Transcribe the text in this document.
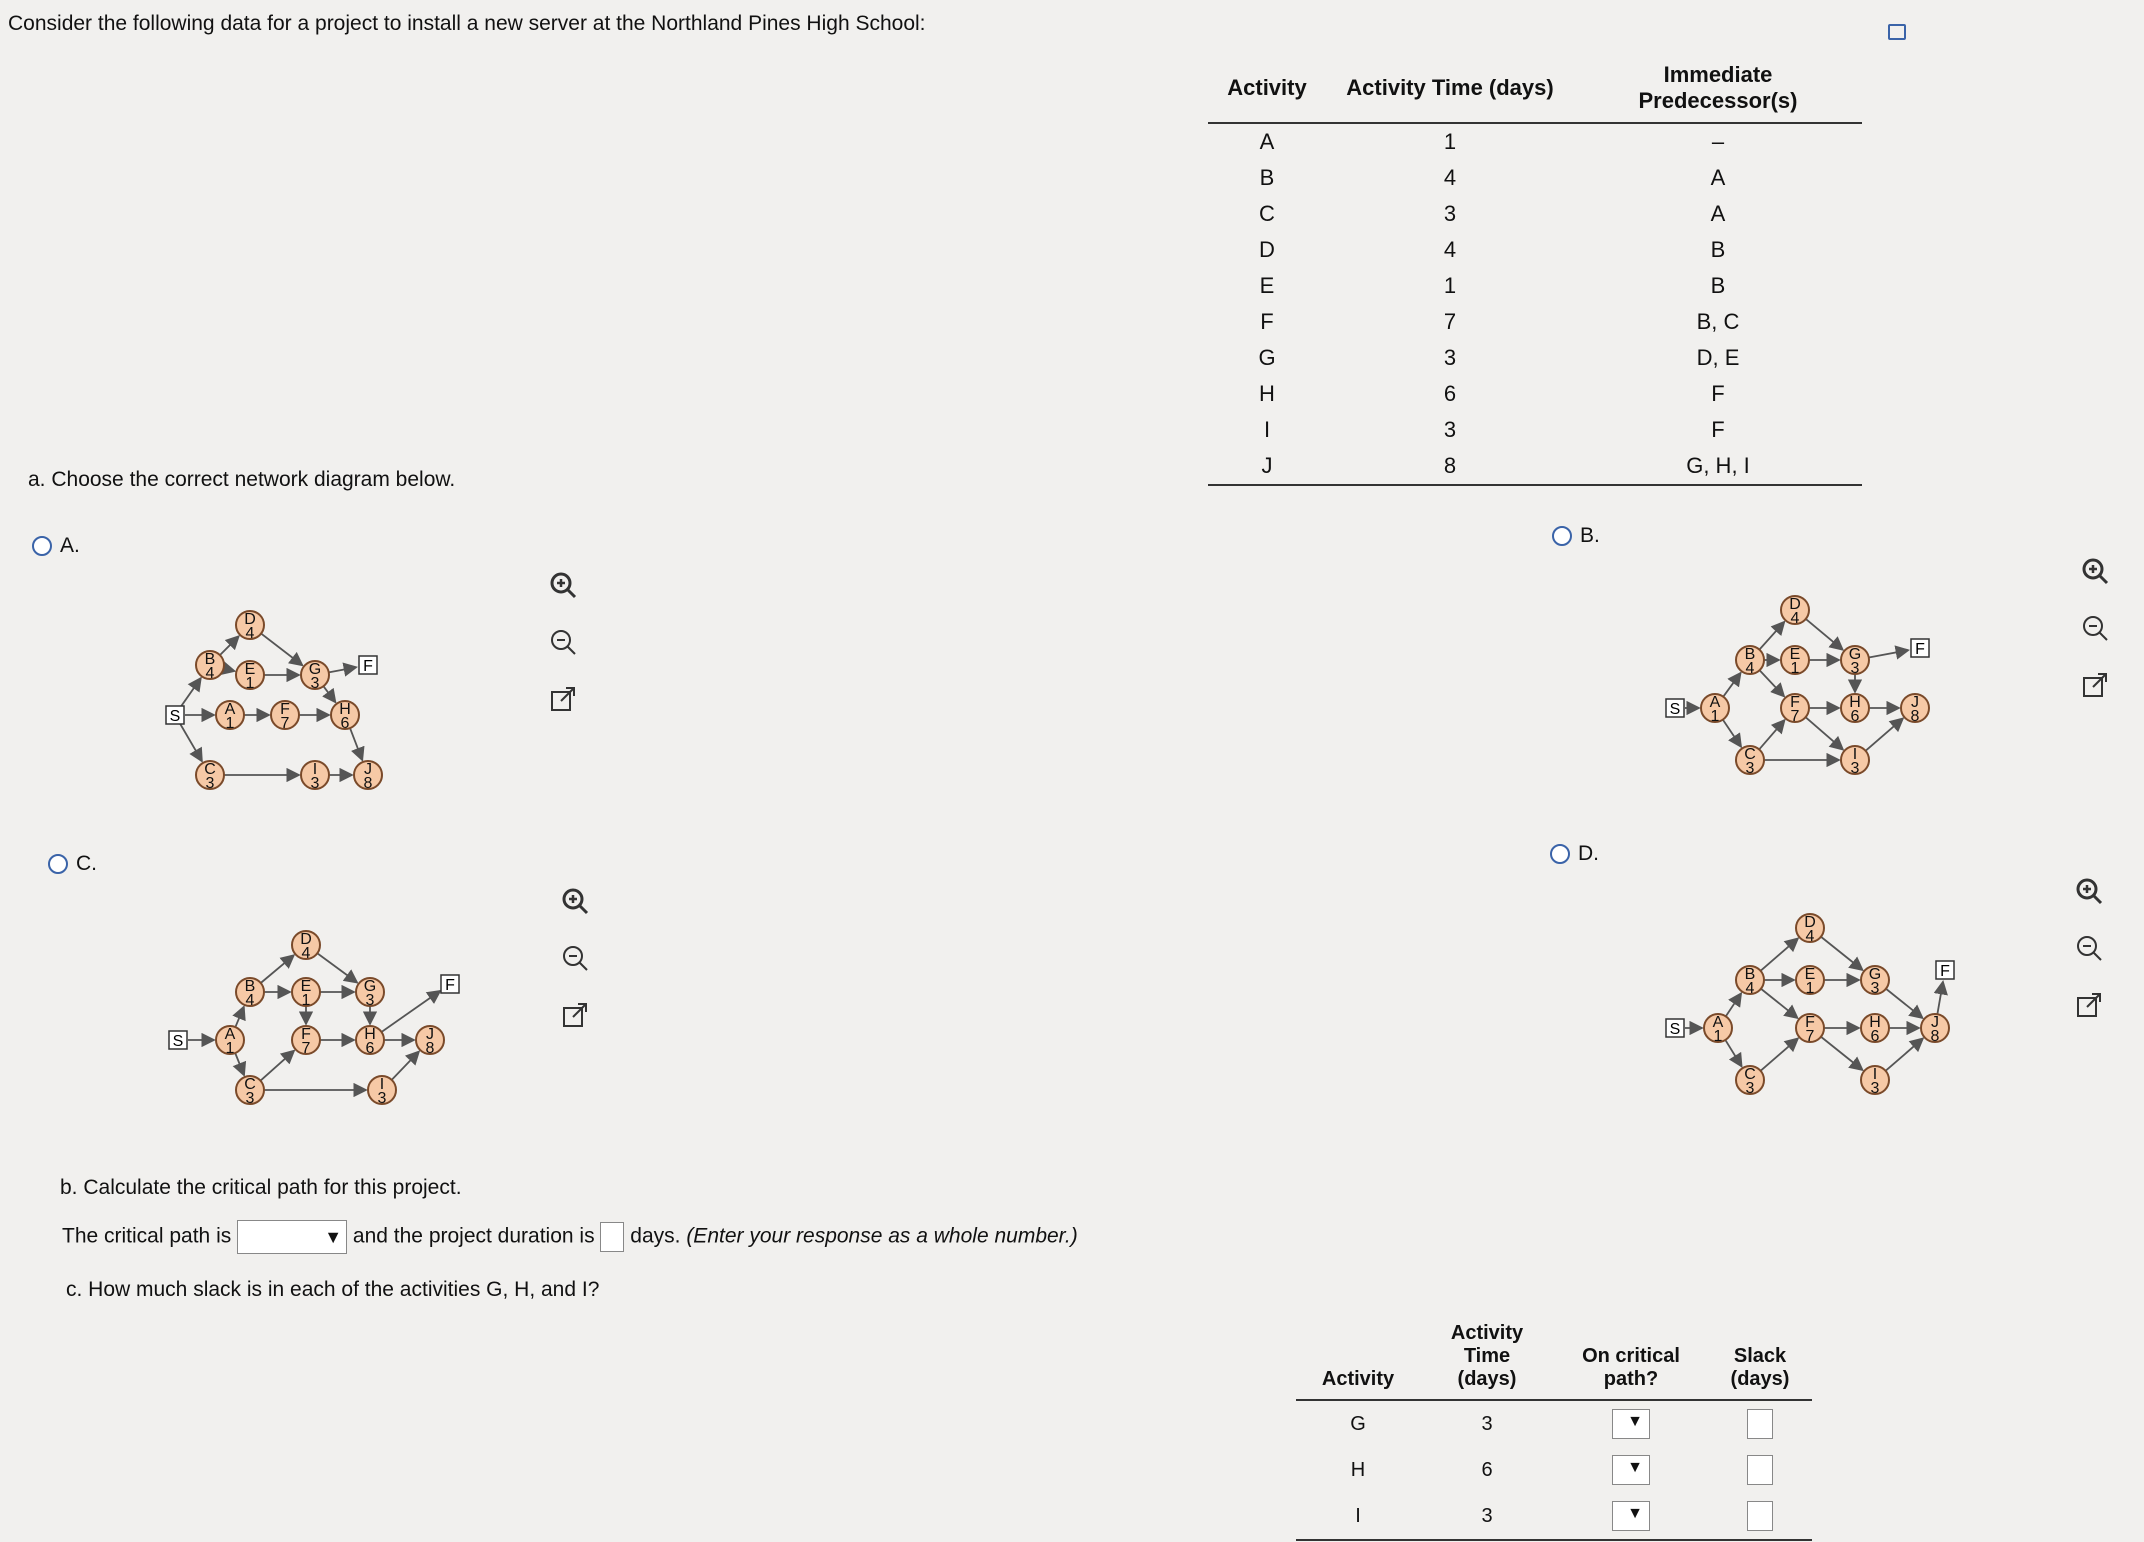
Consider the following data for a project to install a new server at the Northland Pines High School:
Activity	Activity Time (days)	Immediate Predecessor(s)
A	1	–
B	4	A
C	3	A
D	4	B
E	1	B
F	7	B, C
G	3	D, E
H	6	F
I	3	F
J	8	G, H, I
a. Choose the correct network diagram below.
A.	B.
C.	D.
S	A
1
B
4
C
3
D
4
E
1
F
7
G
3
I
3
J
8
H
6
F
S A
1
B
4
C
3
D
4
E
1
F
7
G
3
H
6
I
3
J
8
F
S	A
1
B
4
C
3
D
4
E
1
F
7
G
3
H
6
I
3
J
8
F
S A
1
B
4
C
3
D
4
E
1
F
7
G
3
H
6
I
3
J
8
F

b. Calculate the critical path for this project.
The critical path is	▼ and the project duration is days. (Enter your response as a whole number.)
c. How much slack is in each of the activities G, H, and I?
Activity	Activity Time (days)	On critical path?	Slack (days)
G	3	▼	

H	6	▼	

I	3	▼	
